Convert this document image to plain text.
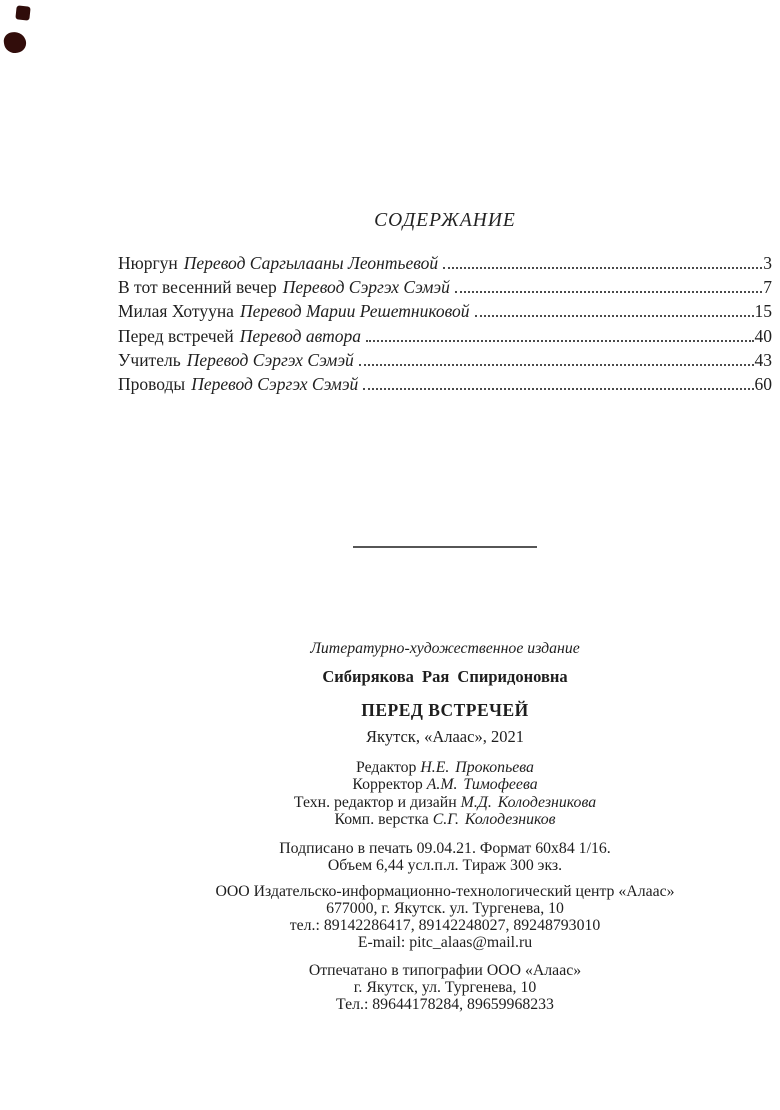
СОДЕРЖАНИЕ
Нюргун Перевод Саргылааны Леонтьевой	3
В тот весенний вечер Перевод Сэргэх Сэмэй	7
Милая Хотууна Перевод Марии Решетниковой	15
Перед встречей Перевод автора	40
Учитель Перевод Сэргэх Сэмэй	43
Проводы Перевод Сэргэх Сэмэй	60
Литературно-художественное издание
Сибирякова Рая Спиридоновна
ПЕРЕД ВСТРЕЧЕЙ
Якутск, «Алаас», 2021
Редактор Н.Е. Прокопьева
Корректор А.М. Тимофеева
Техн. редактор и дизайн М.Д. Колодезникова
Комп. верстка С.Г. Колодезников
Подписано в печать 09.04.21. Формат 60х84 1/16.
Объем 6,44 усл.п.л. Тираж 300 экз.
ООО Издательско-информационно-технологический центр «Алаас»
677000, г. Якутск. ул. Тургенева, 10
тел.: 89142286417, 89142248027, 89248793010
E-mail: pitc_alaas@mail.ru
Отпечатано в типографии ООО «Алаас»
г. Якутск, ул. Тургенева, 10
Тел.: 89644178284, 89659968233
